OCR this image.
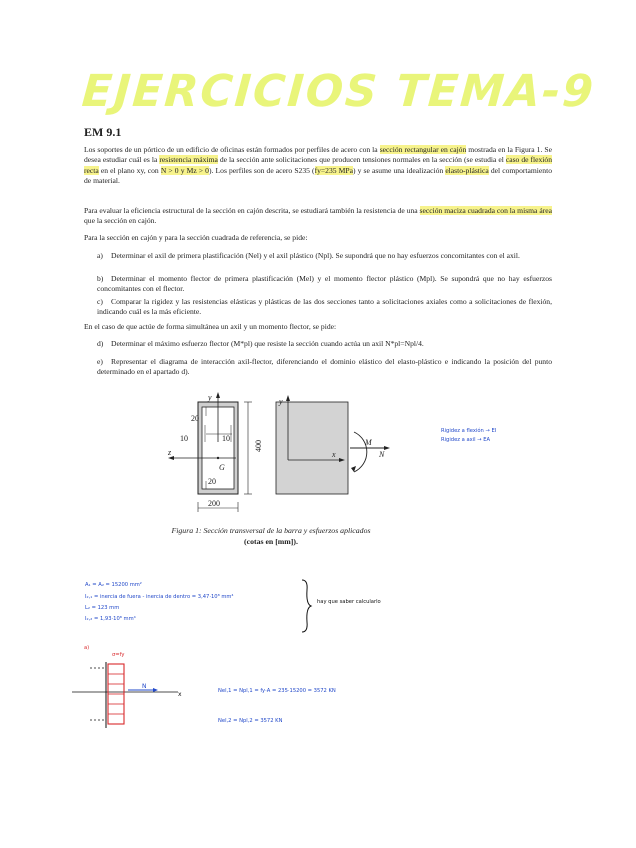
EJERCICIOS TEMA-9
EM 9.1
Los soportes de un pórtico de un edificio de oficinas están formados por perfiles de acero con la sección rectangular en cajón mostrada en la Figura 1. Se desea estudiar cuál es la resistencia máxima de la sección ante solicitaciones que producen tensiones normales en la sección (se estudia el caso de flexión recta en el plano xy, con N > 0 y Mz > 0). Los perfiles son de acero S235 (fy=235 MPa) y se asume una idealización elasto-plástica del comportamiento de material.
Para evaluar la eficiencia estructural de la sección en cajón descrita, se estudiará también la resistencia de una sección maciza cuadrada con la misma área que la sección en cajón.
Para la sección en cajón y para la sección cuadrada de referencia, se pide:
a) Determinar el axil de primera plastificación (Nel) y el axil plástico (Npl). Se supondrá que no hay esfuerzos concomitantes con el axil.
b) Determinar el momento flector de primera plastificación (Mel) y el momento flector plástico (Mpl). Se supondrá que no hay esfuerzos concomitantes con el flector.
c) Comparar la rigidez y las resistencias elásticas y plásticas de las dos secciones tanto a solicitaciones axiales como a solicitaciones de flexión, indicando cuál es la más eficiente.
En el caso de que actúe de forma simultánea un axil y un momento flector, se pide:
d) Determinar el máximo esfuerzo flector (M*pl) que resiste la sección cuando actúa un axil N*pl=Npl/4.
e) Representar el diagrama de interacción axil-flector, diferenciando el dominio elástico del elasto-plástico e indicando la posición del punto determinado en el apartado d).
20
10	10
20
400
200
y
z
G
y
x
M
N
Figura 1: Sección transversal de la barra y esfuerzos aplicados
(cotas en [mm]).
Rigidez a flexión → EI
Rigidez a axil → EA
A₁ = A₂ = 15200 mm²
I₂,₁ = inercia de fuera - inercia de dentro = 3,47·10⁸ mm⁴
L₂ = 123 mm
I₂,₂ = 1,93·10⁸ mm⁴
hay que saber calcularlo
a)
σ=fy
N
x	Nel,1 = Npl,1 = fy·A = 235·15200 = 3572 KN
Nel,2 = Npl,2 = 3572 KN
